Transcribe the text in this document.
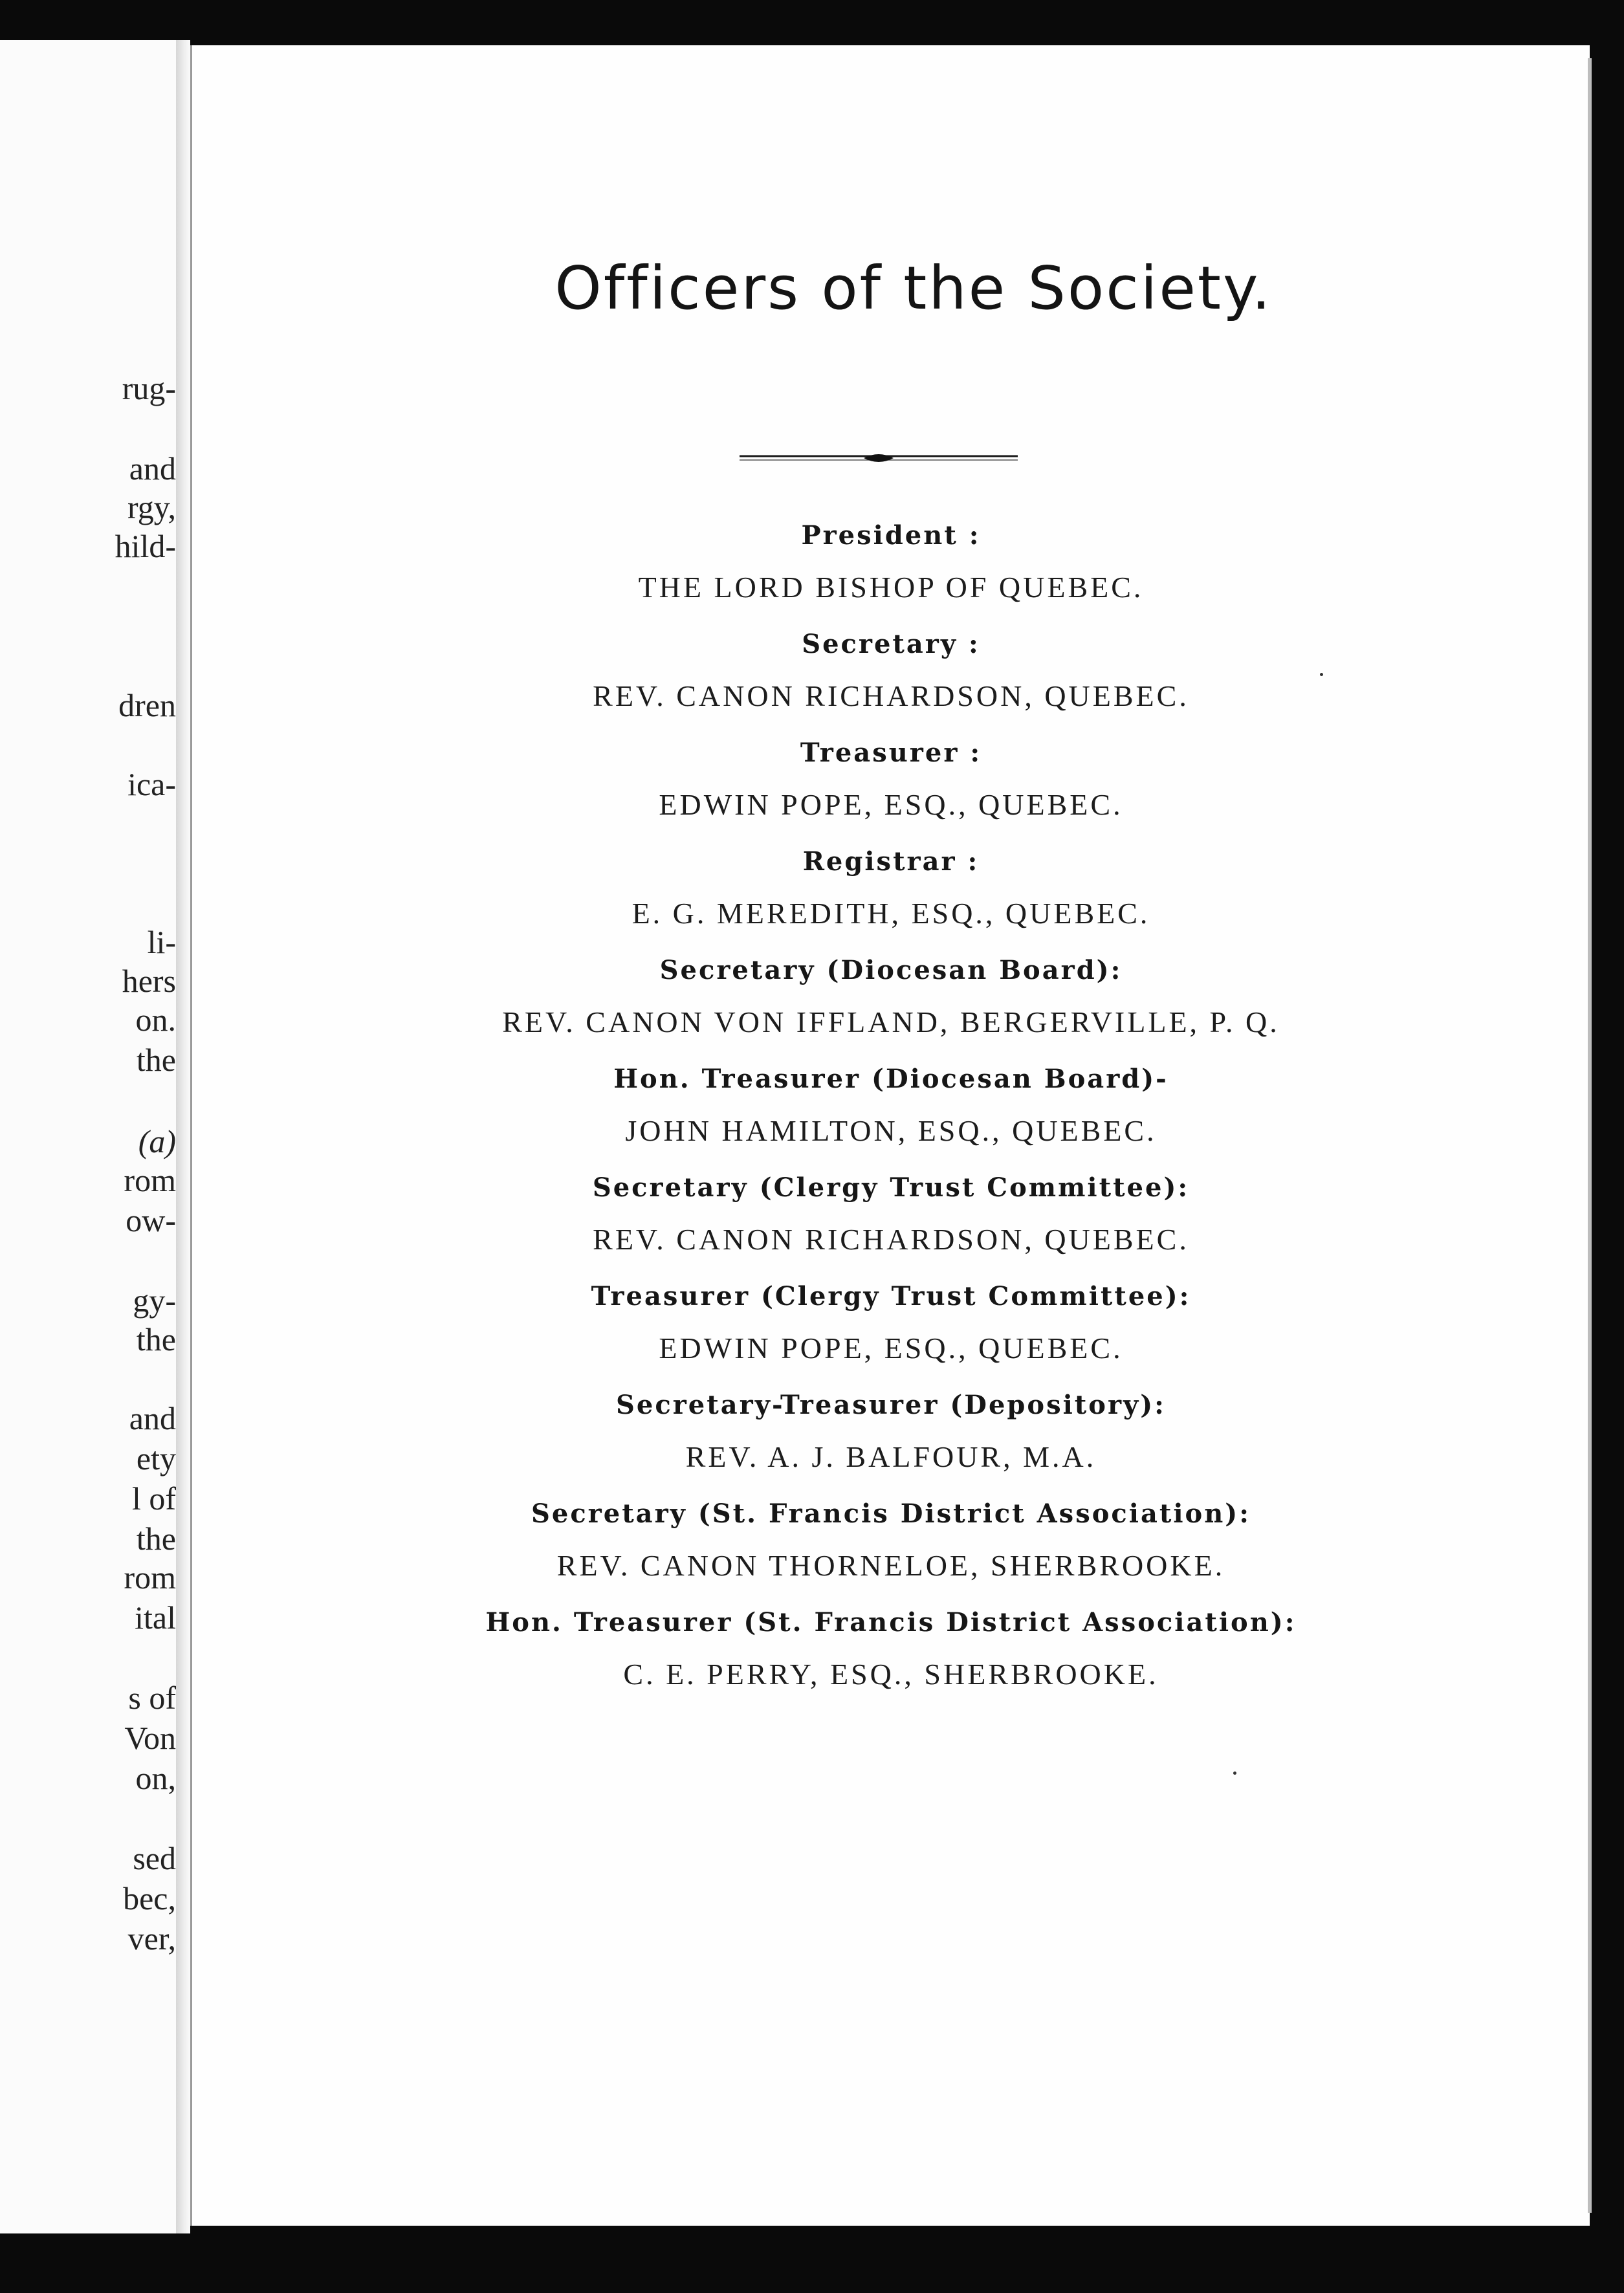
rug-
and
rgy,
hild-
dren
ica-
li-
hers
on.
the
(a)
rom
ow-
gy-
the
and
ety
l of
the
rom
ital
s of
Von
on,
sed
bec,
ver,
Officers of the Society.
President :
THE LORD BISHOP OF QUEBEC.
Secretary :
REV. CANON RICHARDSON, QUEBEC.
Treasurer :
EDWIN POPE, ESQ., QUEBEC.
Registrar :
E. G. MEREDITH, ESQ., QUEBEC.
Secretary (Diocesan Board):
REV. CANON VON IFFLAND, BERGERVILLE, P. Q.
Hon. Treasurer (Diocesan Board)-
JOHN HAMILTON, ESQ., QUEBEC.
Secretary (Clergy Trust Committee):
REV. CANON RICHARDSON, QUEBEC.
Treasurer (Clergy Trust Committee):
EDWIN POPE, ESQ., QUEBEC.
Secretary-Treasurer (Depository):
REV. A. J. BALFOUR, M.A.
Secretary (St. Francis District Association):
REV. CANON THORNELOE, SHERBROOKE.
Hon. Treasurer (St. Francis District Association):
C. E. PERRY, ESQ., SHERBROOKE.
